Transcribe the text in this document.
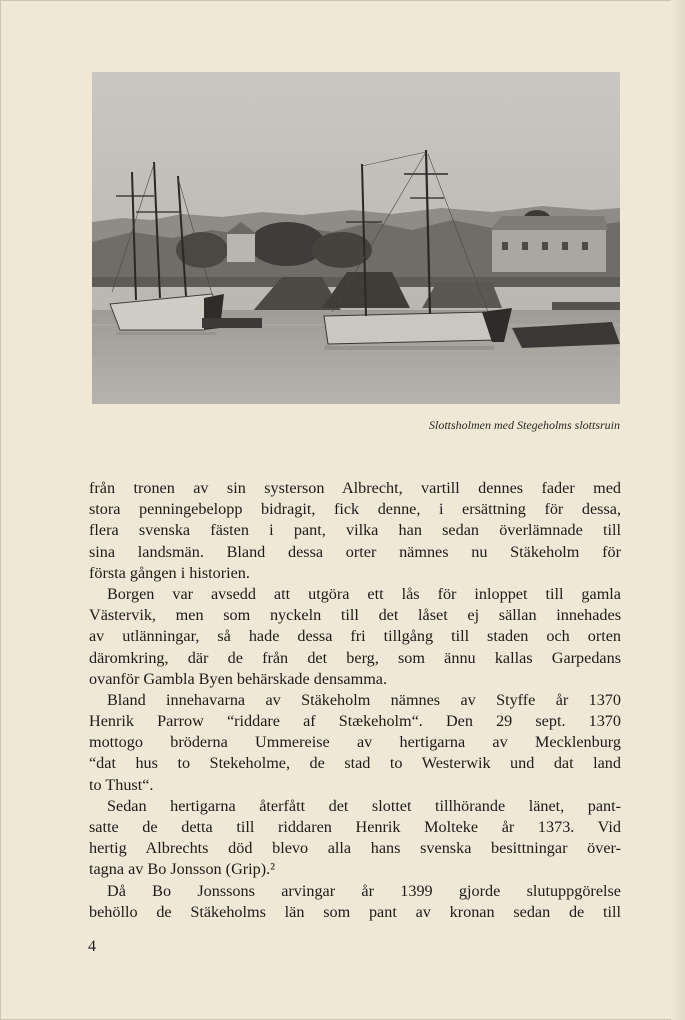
Slottsholmen med Stegeholms slottsruin
från tronen av sin systerson Albrecht, vartill dennes fader med
stora penningebelopp bidragit, fick denne, i ersättning för dessa,
flera svenska fästen i pant, vilka han sedan överlämnade till
sina landsmän. Bland dessa orter nämnes nu Stäkeholm för
första gången i historien.
Borgen var avsedd att utgöra ett lås för inloppet till gamla
Västervik, men som nyckeln till det låset ej sällan innehades
av utlänningar, så hade dessa fri tillgång till staden och orten
däromkring, där de från det berg, som ännu kallas Garpedans
ovanför Gambla Byen behärskade densamma.
Bland innehavarna av Stäkeholm nämnes av Styffe år 1370
Henrik Parrow “riddare af Stækeholm“. Den 29 sept. 1370
mottogo bröderna Ummereise av hertigarna av Mecklenburg
“dat hus to Stekeholme, de stad to Westerwik und dat land
to Thust“.
Sedan hertigarna återfått det slottet tillhörande länet, pant-
satte de detta till riddaren Henrik Molteke år 1373. Vid
hertig Albrechts död blevo alla hans svenska besittningar över-
tagna av Bo Jonsson (Grip).²
Då Bo Jonssons arvingar år 1399 gjorde slutuppgörelse
behöllo de Stäkeholms län som pant av kronan sedan de till
4
